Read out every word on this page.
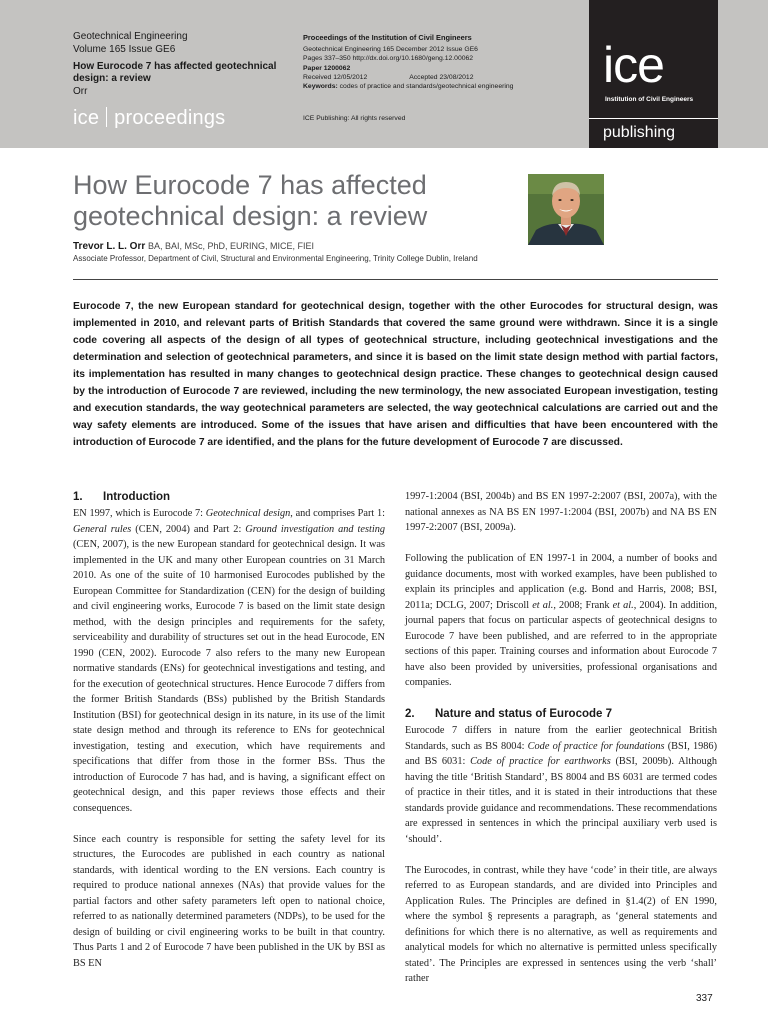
Geotechnical Engineering
Volume 165 Issue GE6
How Eurocode 7 has affected geotechnical design: a review
Orr
ice proceedings
Proceedings of the Institution of Civil Engineers
Geotechnical Engineering 165 December 2012 Issue GE6
Pages 337–350 http://dx.doi.org/10.1680/geng.12.00062
Paper 1200062
Received 12/05/2012	Accepted 23/08/2012
Keywords: codes of practice and standards/geotechnical engineering
ICE Publishing: All rights reserved
ice
Institution of Civil Engineers
publishing
How Eurocode 7 has affected geotechnical design: a review
Trevor L. L. Orr BA, BAI, MSc, PhD, EURING, MICE, FIEI
Associate Professor, Department of Civil, Structural and Environmental Engineering, Trinity College Dublin, Ireland

Eurocode 7, the new European standard for geotechnical design, together with the other Eurocodes for structural design, was implemented in 2010, and relevant parts of British Standards that covered the same ground were withdrawn. Since it is a single code covering all aspects of the design of all types of geotechnical structure, including geotechnical investigations and the determination and selection of geotechnical parameters, and since it is based on the limit state design method with partial factors, its implementation has resulted in many changes to geotechnical design practice. These changes to geotechnical design caused by the introduction of Eurocode 7 are reviewed, including the new terminology, the new associated European investigation, testing and execution standards, the way geotechnical parameters are selected, the way geotechnical calculations are carried out and the way safety elements are introduced. Some of the issues that have arisen and difficulties that have been encountered with the introduction of Eurocode 7 are identified, and the plans for the future development of Eurocode 7 are discussed.

1. Introduction

EN 1997, which is Eurocode 7: Geotechnical design, and comprises Part 1: General rules (CEN, 2004) and Part 2: Ground investigation and testing (CEN, 2007), is the new European standard for geotechnical design. It was implemented in the UK and many other European countries on 31 March 2010. As one of the suite of 10 harmonised Eurocodes published by the European Committee for Standardization (CEN) for the design of building and civil engineering works, Eurocode 7 is based on the limit state design method, with the design principles and requirements for the safety, serviceability and durability of structures set out in the head Eurocode, EN 1990 (CEN, 2002). Eurocode 7 also refers to the many new European normative standards (ENs) for geotechnical investigations and testing, and for the execution of geotechnical structures. Hence Eurocode 7 differs from the former British Standards (BSs) published by the British Standards Institution (BSI) for geotechnical design in its nature, in its use of the limit state design method and through its reference to ENs for geotechnical investigation, testing and execution, which have requirements and specifications that differ from those in the former BSs. Thus the introduction of Eurocode 7 has had, and is having, a significant effect on geotechnical design, and this paper reviews those effects and their consequences.

Since each country is responsible for setting the safety level for its structures, the Eurocodes are published in each country as national standards, with identical wording to the EN versions. Each country is required to produce national annexes (NAs) that provide values for the partial factors and other safety parameters left open to national choice, referred to as nationally determined parameters (NDPs), to be used for the design of building or civil engineering works to be built in that country. Thus Parts 1 and 2 of Eurocode 7 have been published in the UK by BSI as BS EN

1997-1:2004 (BSI, 2004b) and BS EN 1997-2:2007 (BSI, 2007a), with the national annexes as NA BS EN 1997-1:2004 (BSI, 2007b) and NA BS EN 1997-2:2007 (BSI, 2009a).

Following the publication of EN 1997-1 in 2004, a number of books and guidance documents, most with worked examples, have been published to explain its principles and application (e.g. Bond and Harris, 2008; BSI, 2011a; DCLG, 2007; Driscoll et al., 2008; Frank et al., 2004). In addition, journal papers that focus on particular aspects of geotechnical designs to Eurocode 7 have been published, and are referred to in the appropriate sections of this paper. Training courses and information about Eurocode 7 have also been provided by universities, professional organisations and companies.

2. Nature and status of Eurocode 7

Eurocode 7 differs in nature from the earlier geotechnical British Standards, such as BS 8004: Code of practice for foundations (BSI, 1986) and BS 6031: Code of practice for earthworks (BSI, 2009b). Although having the title ‘British Standard’, BS 8004 and BS 6031 are termed codes of practice in their titles, and it is stated in their introductions that these standards provide guidance and recommendations. These recommendations are expressed in sentences in which the principal auxiliary verb used is ‘should’.

The Eurocodes, in contrast, while they have ‘code’ in their title, are always referred to as European standards, and are divided into Principles and Application Rules. The Principles are defined in §1.4(2) of EN 1990, where the symbol § represents a paragraph, as ‘general statements and definitions for which there is no alternative, as well as requirements and analytical models for which no alternative is permitted unless specifically stated’. The Principles are expressed in sentences using the verb ‘shall’ rather

337
